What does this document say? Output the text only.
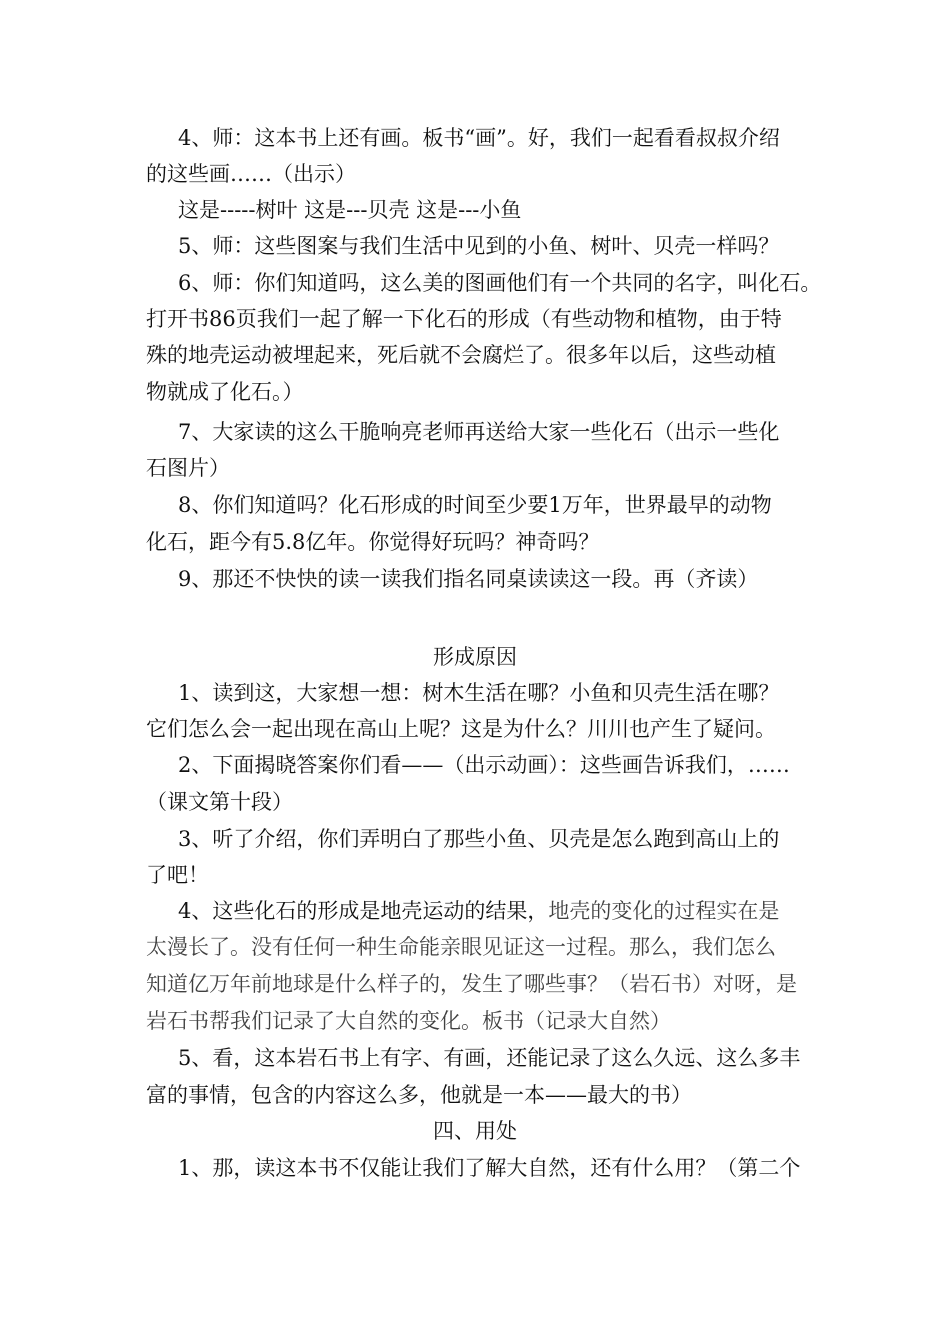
4、师：这本书上还有画。板书“画”。好，我们一起看看叔叔介绍
的这些画……（出示）
这是-----树叶 这是---贝壳 这是---小鱼
5、师：这些图案与我们生活中见到的小鱼、树叶、贝壳一样吗？
6、师：你们知道吗，这么美的图画他们有一个共同的名字，叫化石。
打开书86页我们一起了解一下化石的形成（有些动物和植物，由于特
殊的地壳运动被埋起来，死后就不会腐烂了。很多年以后，这些动植
物就成了化石。）
7、大家读的这么干脆响亮老师再送给大家一些化石（出示一些化
石图片）
8、你们知道吗？化石形成的时间至少要1万年，世界最早的动物
化石，距今有5.8亿年。你觉得好玩吗？神奇吗？
9、那还不快快的读一读我们指名同桌读读这一段。再（齐读）
形成原因
1、读到这，大家想一想：树木生活在哪？小鱼和贝壳生活在哪？
它们怎么会一起出现在高山上呢？这是为什么？川川也产生了疑问。
2、下面揭晓答案你们看——（出示动画）：这些画告诉我们，……
（课文第十段）
3、听了介绍，你们弄明白了那些小鱼、贝壳是怎么跑到高山上的
了吧！
4、这些化石的形成是地壳运动的结果，地壳的变化的过程实在是
太漫长了。没有任何一种生命能亲眼见证这一过程。那么，我们怎么
知道亿万年前地球是什么样子的，发生了哪些事？（岩石书）对呀，是
岩石书帮我们记录了大自然的变化。板书（记录大自然）
5、看，这本岩石书上有字、有画，还能记录了这么久远、这么多丰
富的事情，包含的内容这么多，他就是一本——最大的书）
四、用处
1、那，读这本书不仅能让我们了解大自然，还有什么用？（第二个
